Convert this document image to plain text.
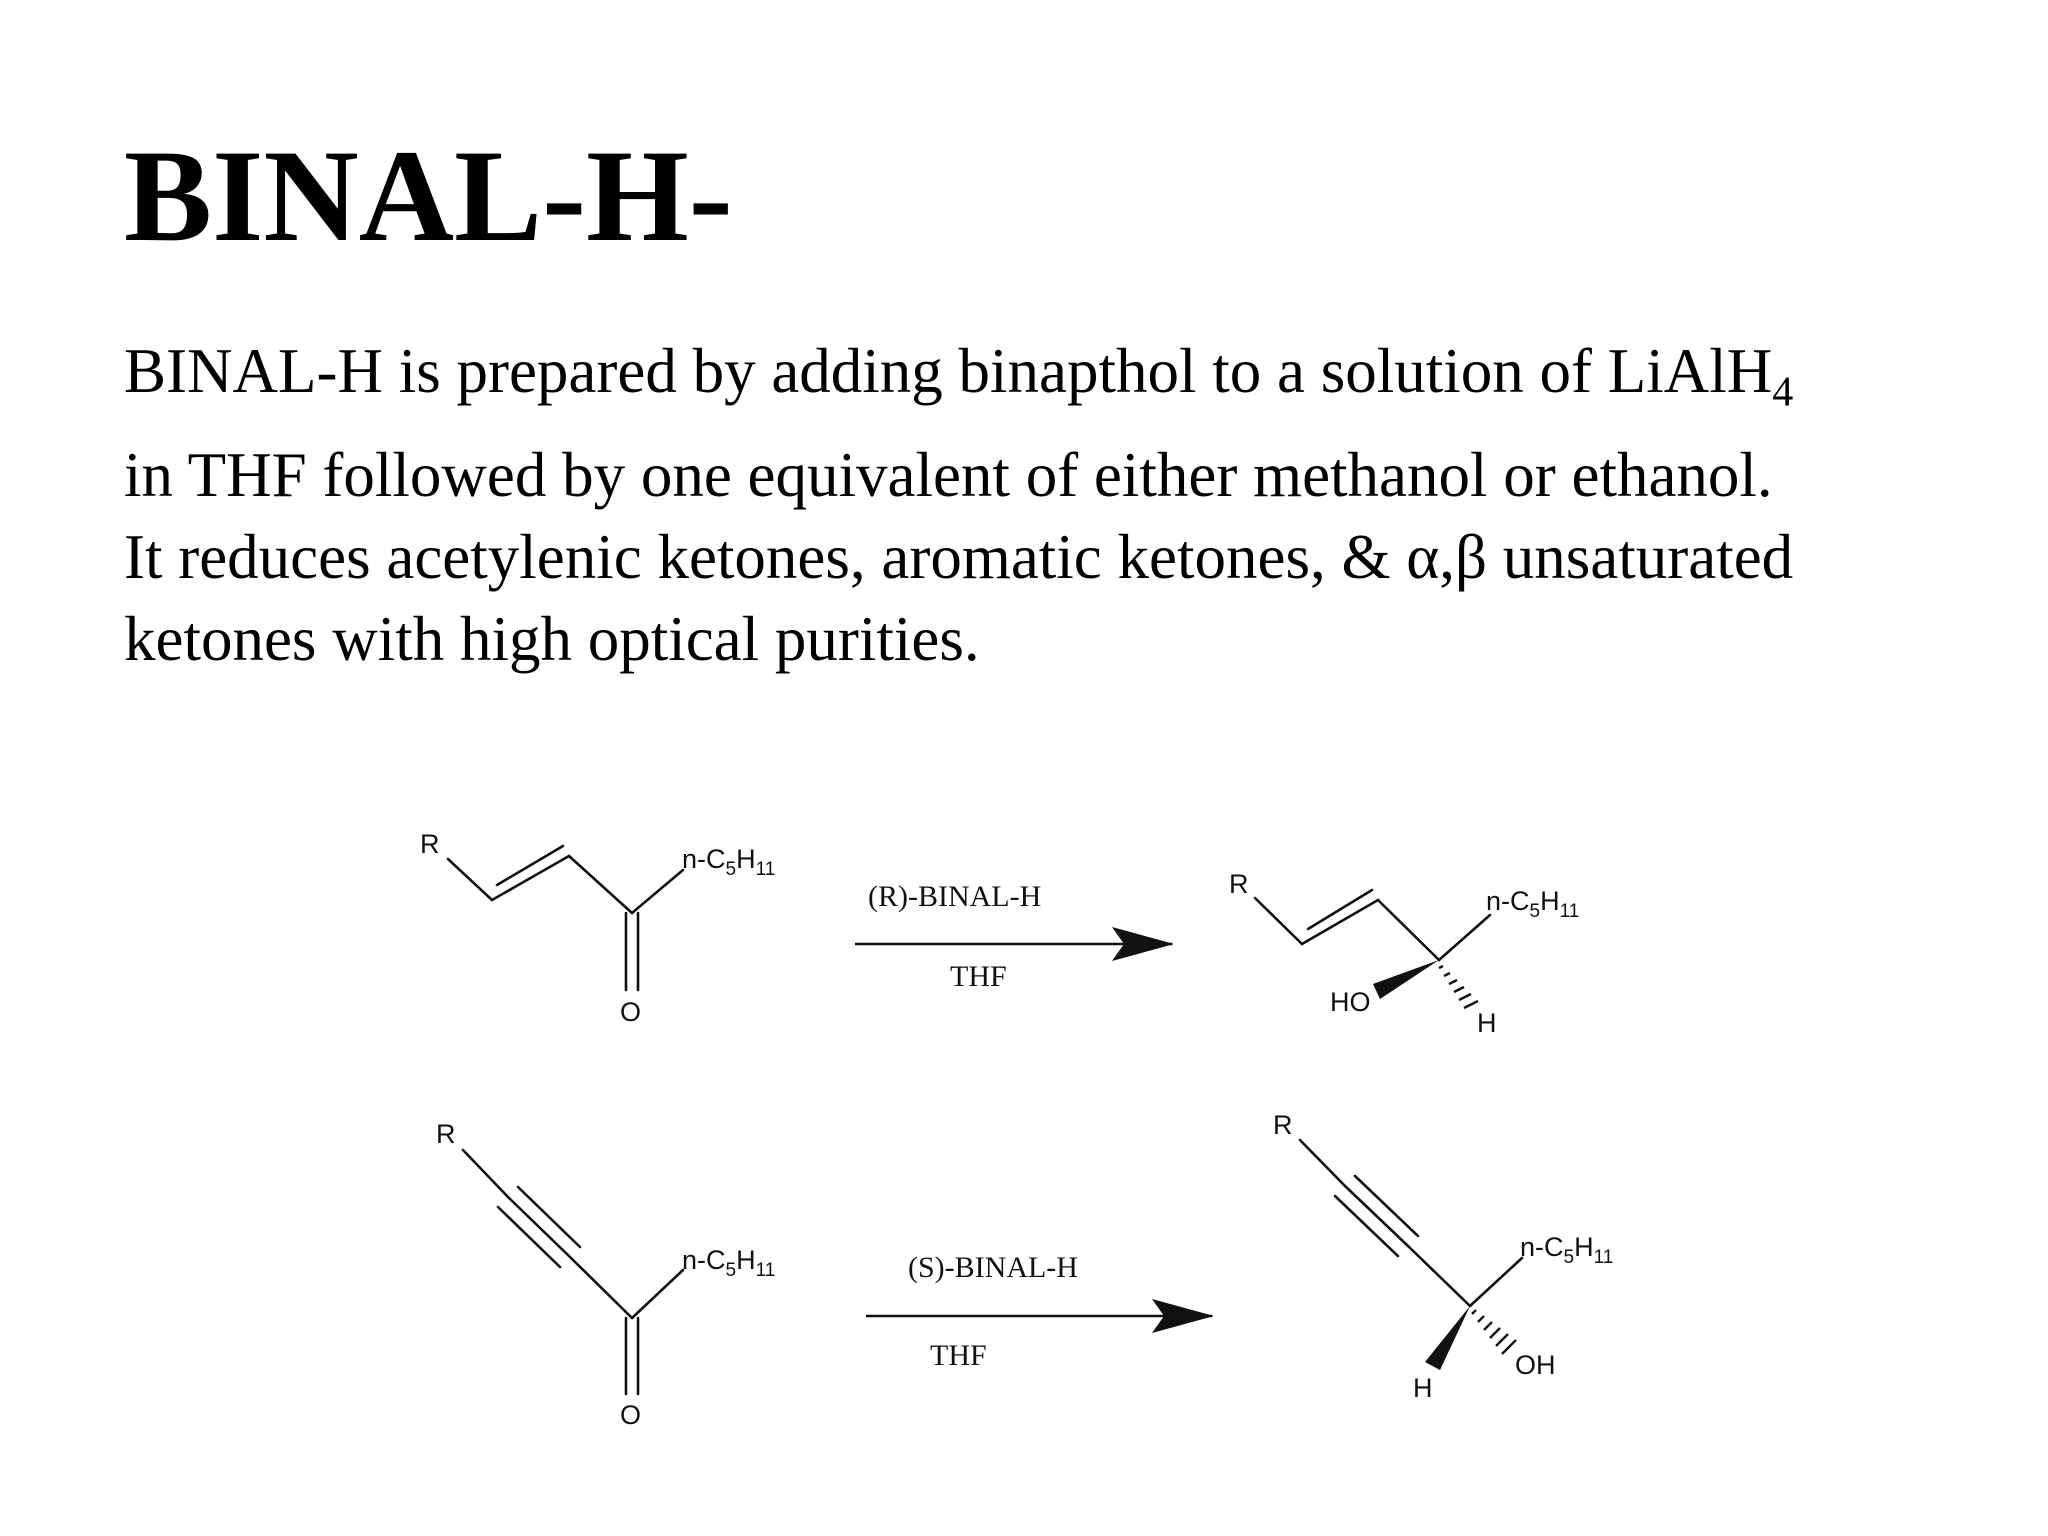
BINAL-H-

BINAL-H is prepared by adding binapthol to a solution of LiAlH$_4$
in THF followed by one equivalent of either methanol or ethanol.
It reduces acetylenic ketones, aromatic ketones, & α,β unsaturated
ketones with high optical purities.

R
O
$n-C_5H_{11}$
(R)-BINAL-H
THF
R
HO
H
$n-C_5H_{11}$
R
O
$n-C_5H_{11}$	(S)-BINAL-H
THF
R
H
OH
$n-C_5H_{11}$
